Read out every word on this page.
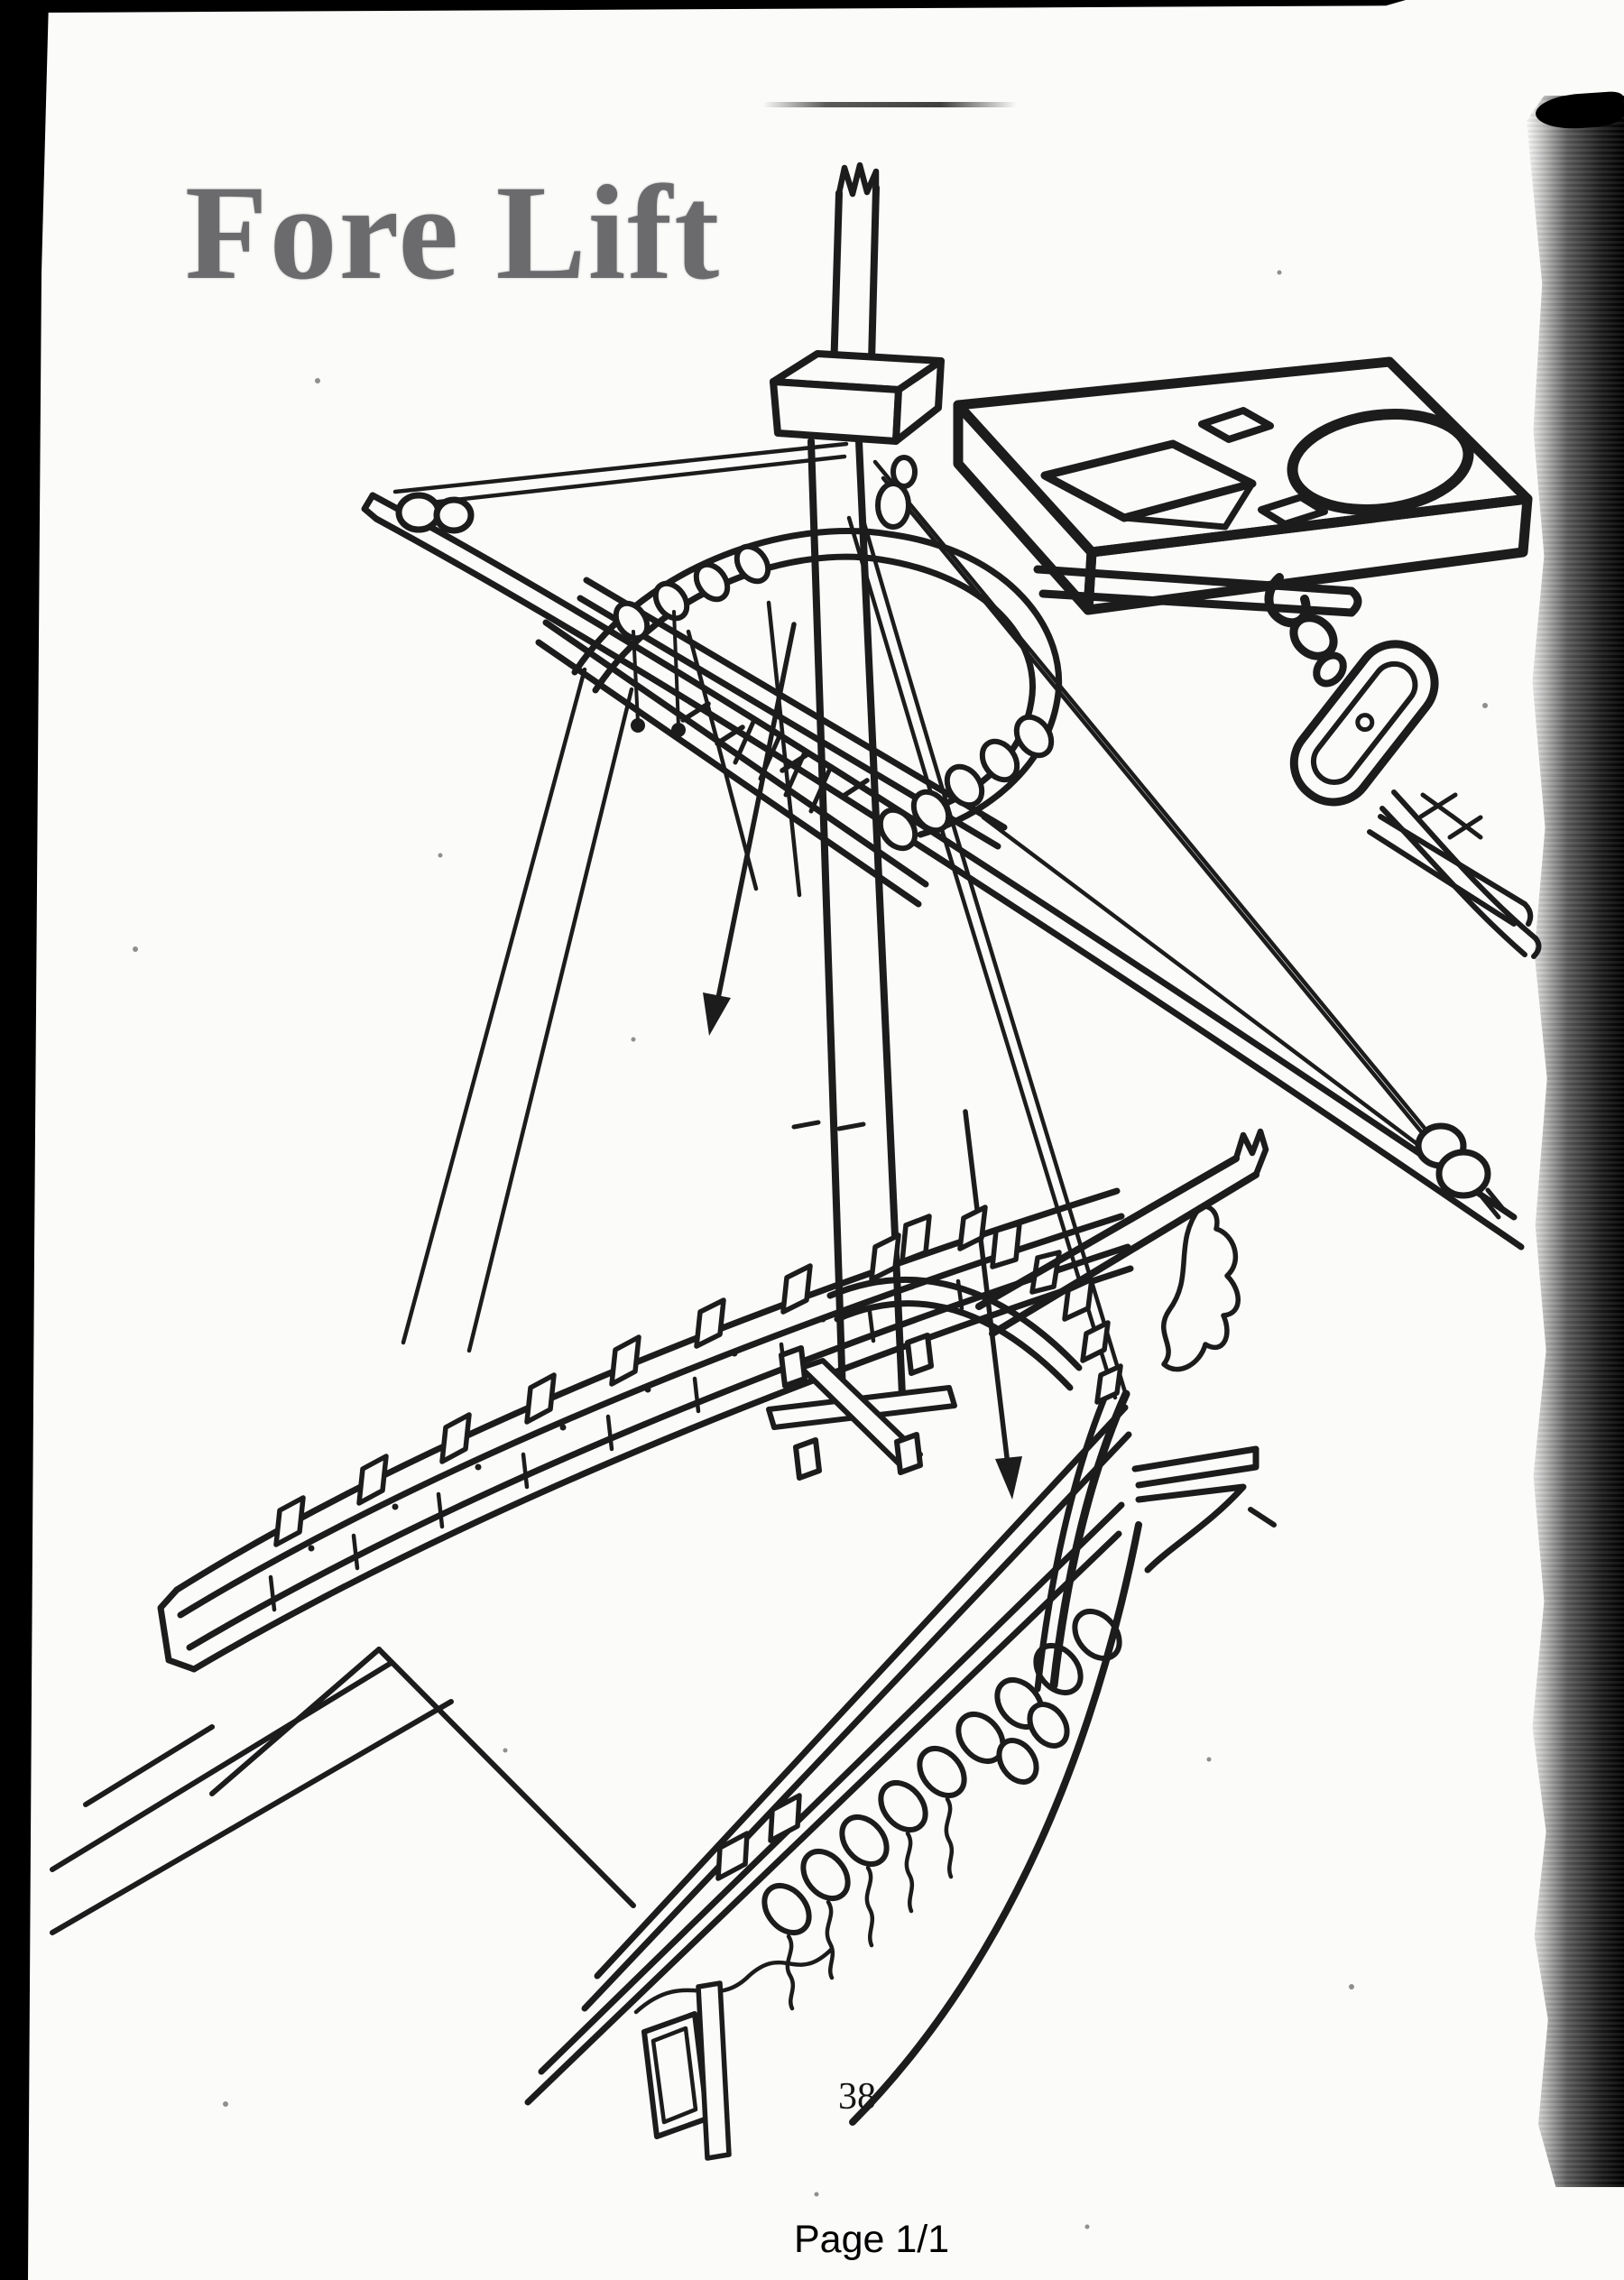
Fore Lift
38
Page 1/1
